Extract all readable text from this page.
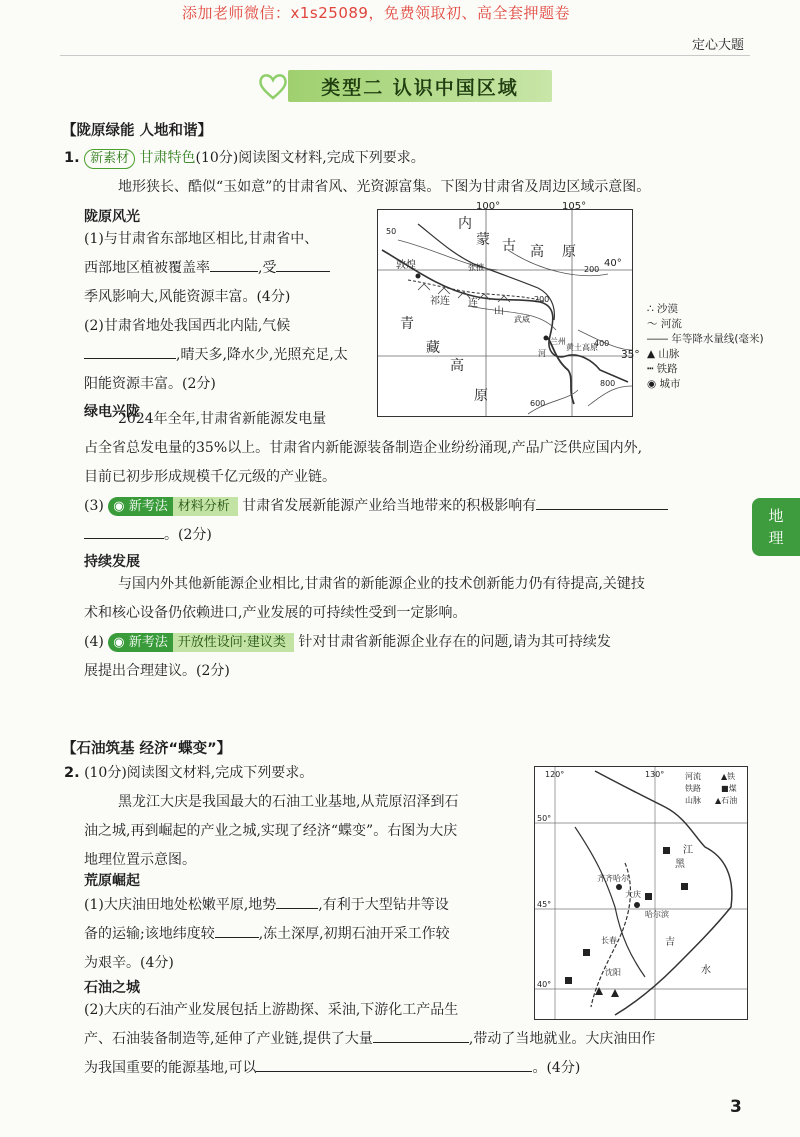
添加老师微信：x1s25089，免费领取初、高全套押题卷
定心大题
类型二 认识中国区域
地
理
【陇原绿能 人地和谐】
1. 新素材 甘肃特色(10分)阅读图文材料,完成下列要求。
地形狭长、酷似“玉如意”的甘肃省风、光资源富集。下图为甘肃省及周边区域示意图。
陇原风光
(1)与甘肃省东部地区相比,甘肃省中、
西部地区植被覆盖率	,受
季风影响大,风能资源丰富。(4分)
(2)甘肃省地处我国西北内陆,气候
,晴天多,降水少,光照充足,太
阳能资源丰富。(2分)
绿电兴陇
2024年全年,甘肃省新能源发电量
占全省总发电量的35%以上。甘肃省内新能源装备制造企业纷纷涌现,产品广泛供应国内外,
目前已初步形成规模千亿元级的产业链。
(3) ◉ 新考法 材料分析 甘肃省发展新能源产业给当地带来的积极影响有
。(2分)
持续发展
与国内外其他新能源企业相比,甘肃省的新能源企业的技术创新能力仍有待提高,关键技
术和核心设备仍依赖进口,产业发展的可持续性受到一定影响。
(4) ◉ 新考法 开放性设问·建议类 针对甘肃省新能源企业存在的问题,请为其可持续发
展提出合理建议。(2分)
100°	105°
40°
内
蒙 古 高 原
青
藏
高
原
敦煌	张掖
祁连 连
山
武威
兰州
黄土高原
河
50
200
200
400
600
800
∴ 沙漠
〜 河流
―― 年等降水量线(毫米)
35° ▲ 山脉
┅ 铁路
◉ 城市
【石油筑基 经济“蝶变”】
2. (10分)阅读图文材料,完成下列要求。
黑龙江大庆是我国最大的石油工业基地,从荒原沼泽到石
油之城,再到崛起的产业之城,实现了经济“蝶变”。右图为大庆
地理位置示意图。
荒原崛起
(1)大庆油田地处松嫩平原,地势	,有利于大型钻井等设
备的运输;该地纬度较	,冻土深厚,初期石油开采工作较
为艰辛。(4分)
石油之城
(2)大庆的石油产业发展包括上游勘探、采油,下游化工产品生
产、石油装备制造等,延伸了产业链,提供了大量	,带动了当地就业。大庆油田作
为我国重要的能源基地,可以	。(4分)
120°	130°
50°
45°
40°
齐齐哈尔
大庆
哈尔滨
长春
沈阳
黑
江
吉
水
河流	▲铁
铁路	■煤
山脉 ▲石油
3
